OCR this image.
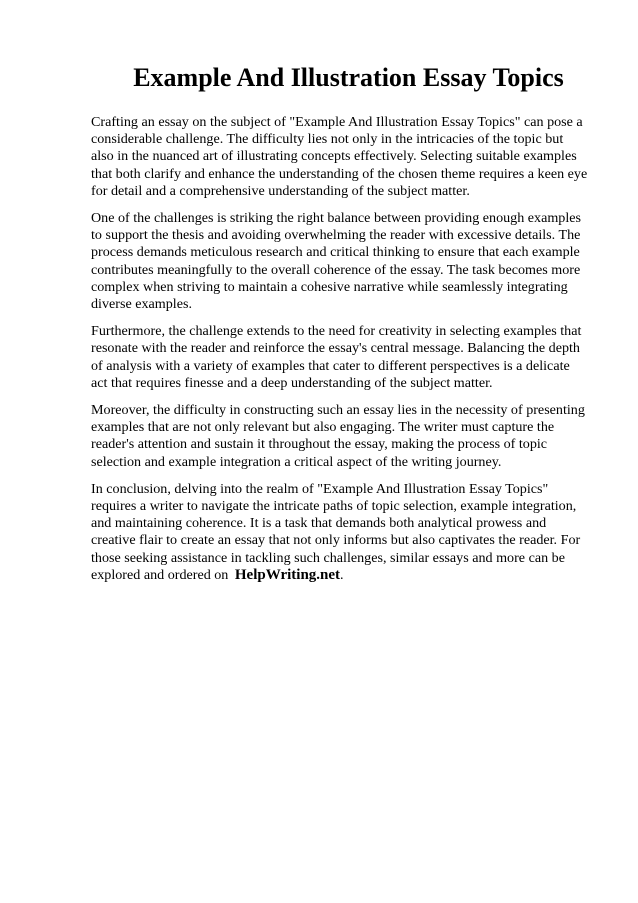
Example And Illustration Essay Topics

Crafting an essay on the subject of "Example And Illustration Essay Topics" can pose a considerable challenge. The difficulty lies not only in the intricacies of the topic but also in the nuanced art of illustrating concepts effectively. Selecting suitable examples that both clarify and enhance the understanding of the chosen theme requires a keen eye for detail and a comprehensive understanding of the subject matter.

One of the challenges is striking the right balance between providing enough examples to support the thesis and avoiding overwhelming the reader with excessive details. The process demands meticulous research and critical thinking to ensure that each example contributes meaningfully to the overall coherence of the essay. The task becomes more complex when striving to maintain a cohesive narrative while seamlessly integrating diverse examples.

Furthermore, the challenge extends to the need for creativity in selecting examples that resonate with the reader and reinforce the essay's central message. Balancing the depth of analysis with a variety of examples that cater to different perspectives is a delicate act that requires finesse and a deep understanding of the subject matter.

Moreover, the difficulty in constructing such an essay lies in the necessity of presenting examples that are not only relevant but also engaging. The writer must capture the reader's attention and sustain it throughout the essay, making the process of topic selection and example integration a critical aspect of the writing journey.

In conclusion, delving into the realm of "Example And Illustration Essay Topics" requires a writer to navigate the intricate paths of topic selection, example integration, and maintaining coherence. It is a task that demands both analytical prowess and creative flair to create an essay that not only informs but also captivates the reader. For those seeking assistance in tackling such challenges, similar essays and more can be explored and ordered on HelpWriting.net.
